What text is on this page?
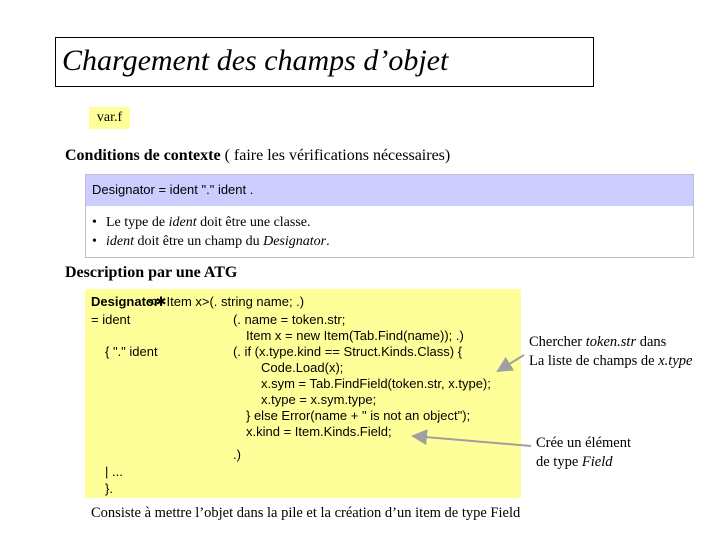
Chargement des champs d’objet
var.f
Conditions de contexte ( faire les vérifications nécessaires)
Designator = ident "." ident .
• Le type de ident doit être une classe.
• ident doit être un champ du Designator.
Description par une ATG
<✱Item x>(. string name; .)
Designator
= ident
{ "." ident
| ...
}.
(. name = token.str;
Item x = new Item(Tab.Find(name)); .)
(. if (x.type.kind == Struct.Kinds.Class) {
Code.Load(x);
x.sym = Tab.FindField(token.str, x.type);
x.type = x.sym.type;
} else Error(name + " is not an object");
x.kind = Item.Kinds.Field;
.)
Chercher token.str dans
La liste de champs de x.type
Crée un élément
de type Field
Consiste à mettre l’objet dans la pile et la création d’un item de type Field
